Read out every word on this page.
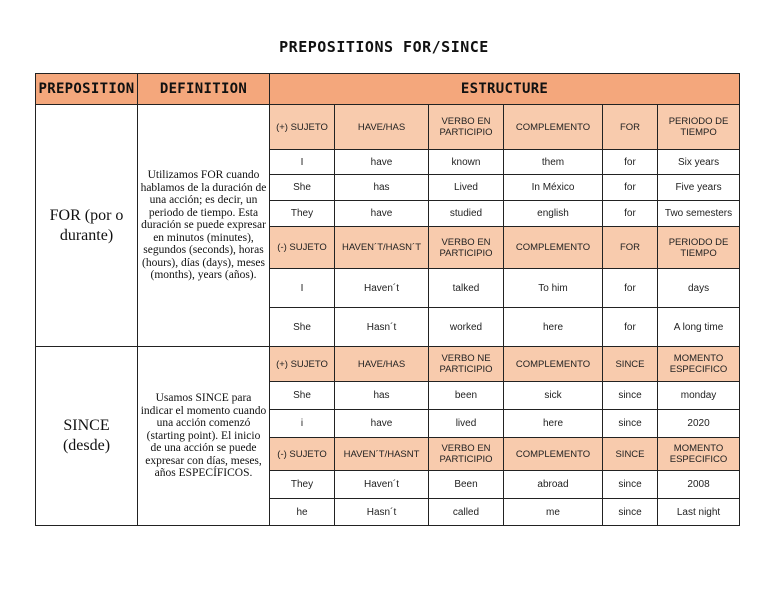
PREPOSITIONS FOR/SINCE
PREPOSITION	DEFINITION	ESTRUCTURE					
FOR (por o durante)	Utilizamos FOR cuando hablamos de la duración de una acción; es decir, un periodo de tiempo. Esta duración se puede expresar en minutos (minutes), segundos (seconds), horas (hours), días (days), meses (months), years (años).	(+) SUJETO	HAVE/HAS	VERBO EN PARTICIPIO	COMPLEMENTO	FOR	PERIODO DE TIEMPO
		I	have	known	them	for	Six years
		She	has	Lived	In México	for	Five years
		They	have	studied	english	for	Two semesters
		(-) SUJETO	HAVEN´T/HASN´T	VERBO EN PARTICIPIO	COMPLEMENTO	FOR	PERIODO DE TIEMPO
		I	Haven´t	talked	To him	for	days
		She	Hasn´t	worked	here	for	A long time
SINCE (desde)	Usamos SINCE para indicar el momento cuando una acción comenzó (starting point). El inicio de una acción se puede expresar con días, meses, años ESPECÍFICOS.	(+) SUJETO	HAVE/HAS	VERBO NE PARTICIPIO	COMPLEMENTO	SINCE	MOMENTO ESPECIFICO
		She	has	been	sick	since	monday
		i	have	lived	here	since	2020
		(-) SUJETO	HAVEN´T/HASNT	VERBO EN PARTICIPIO	COMPLEMENTO	SINCE	MOMENTO ESPECIFICO
		They	Haven´t	Been	abroad	since	2008
		he	Hasn´t	called	me	since	Last night
